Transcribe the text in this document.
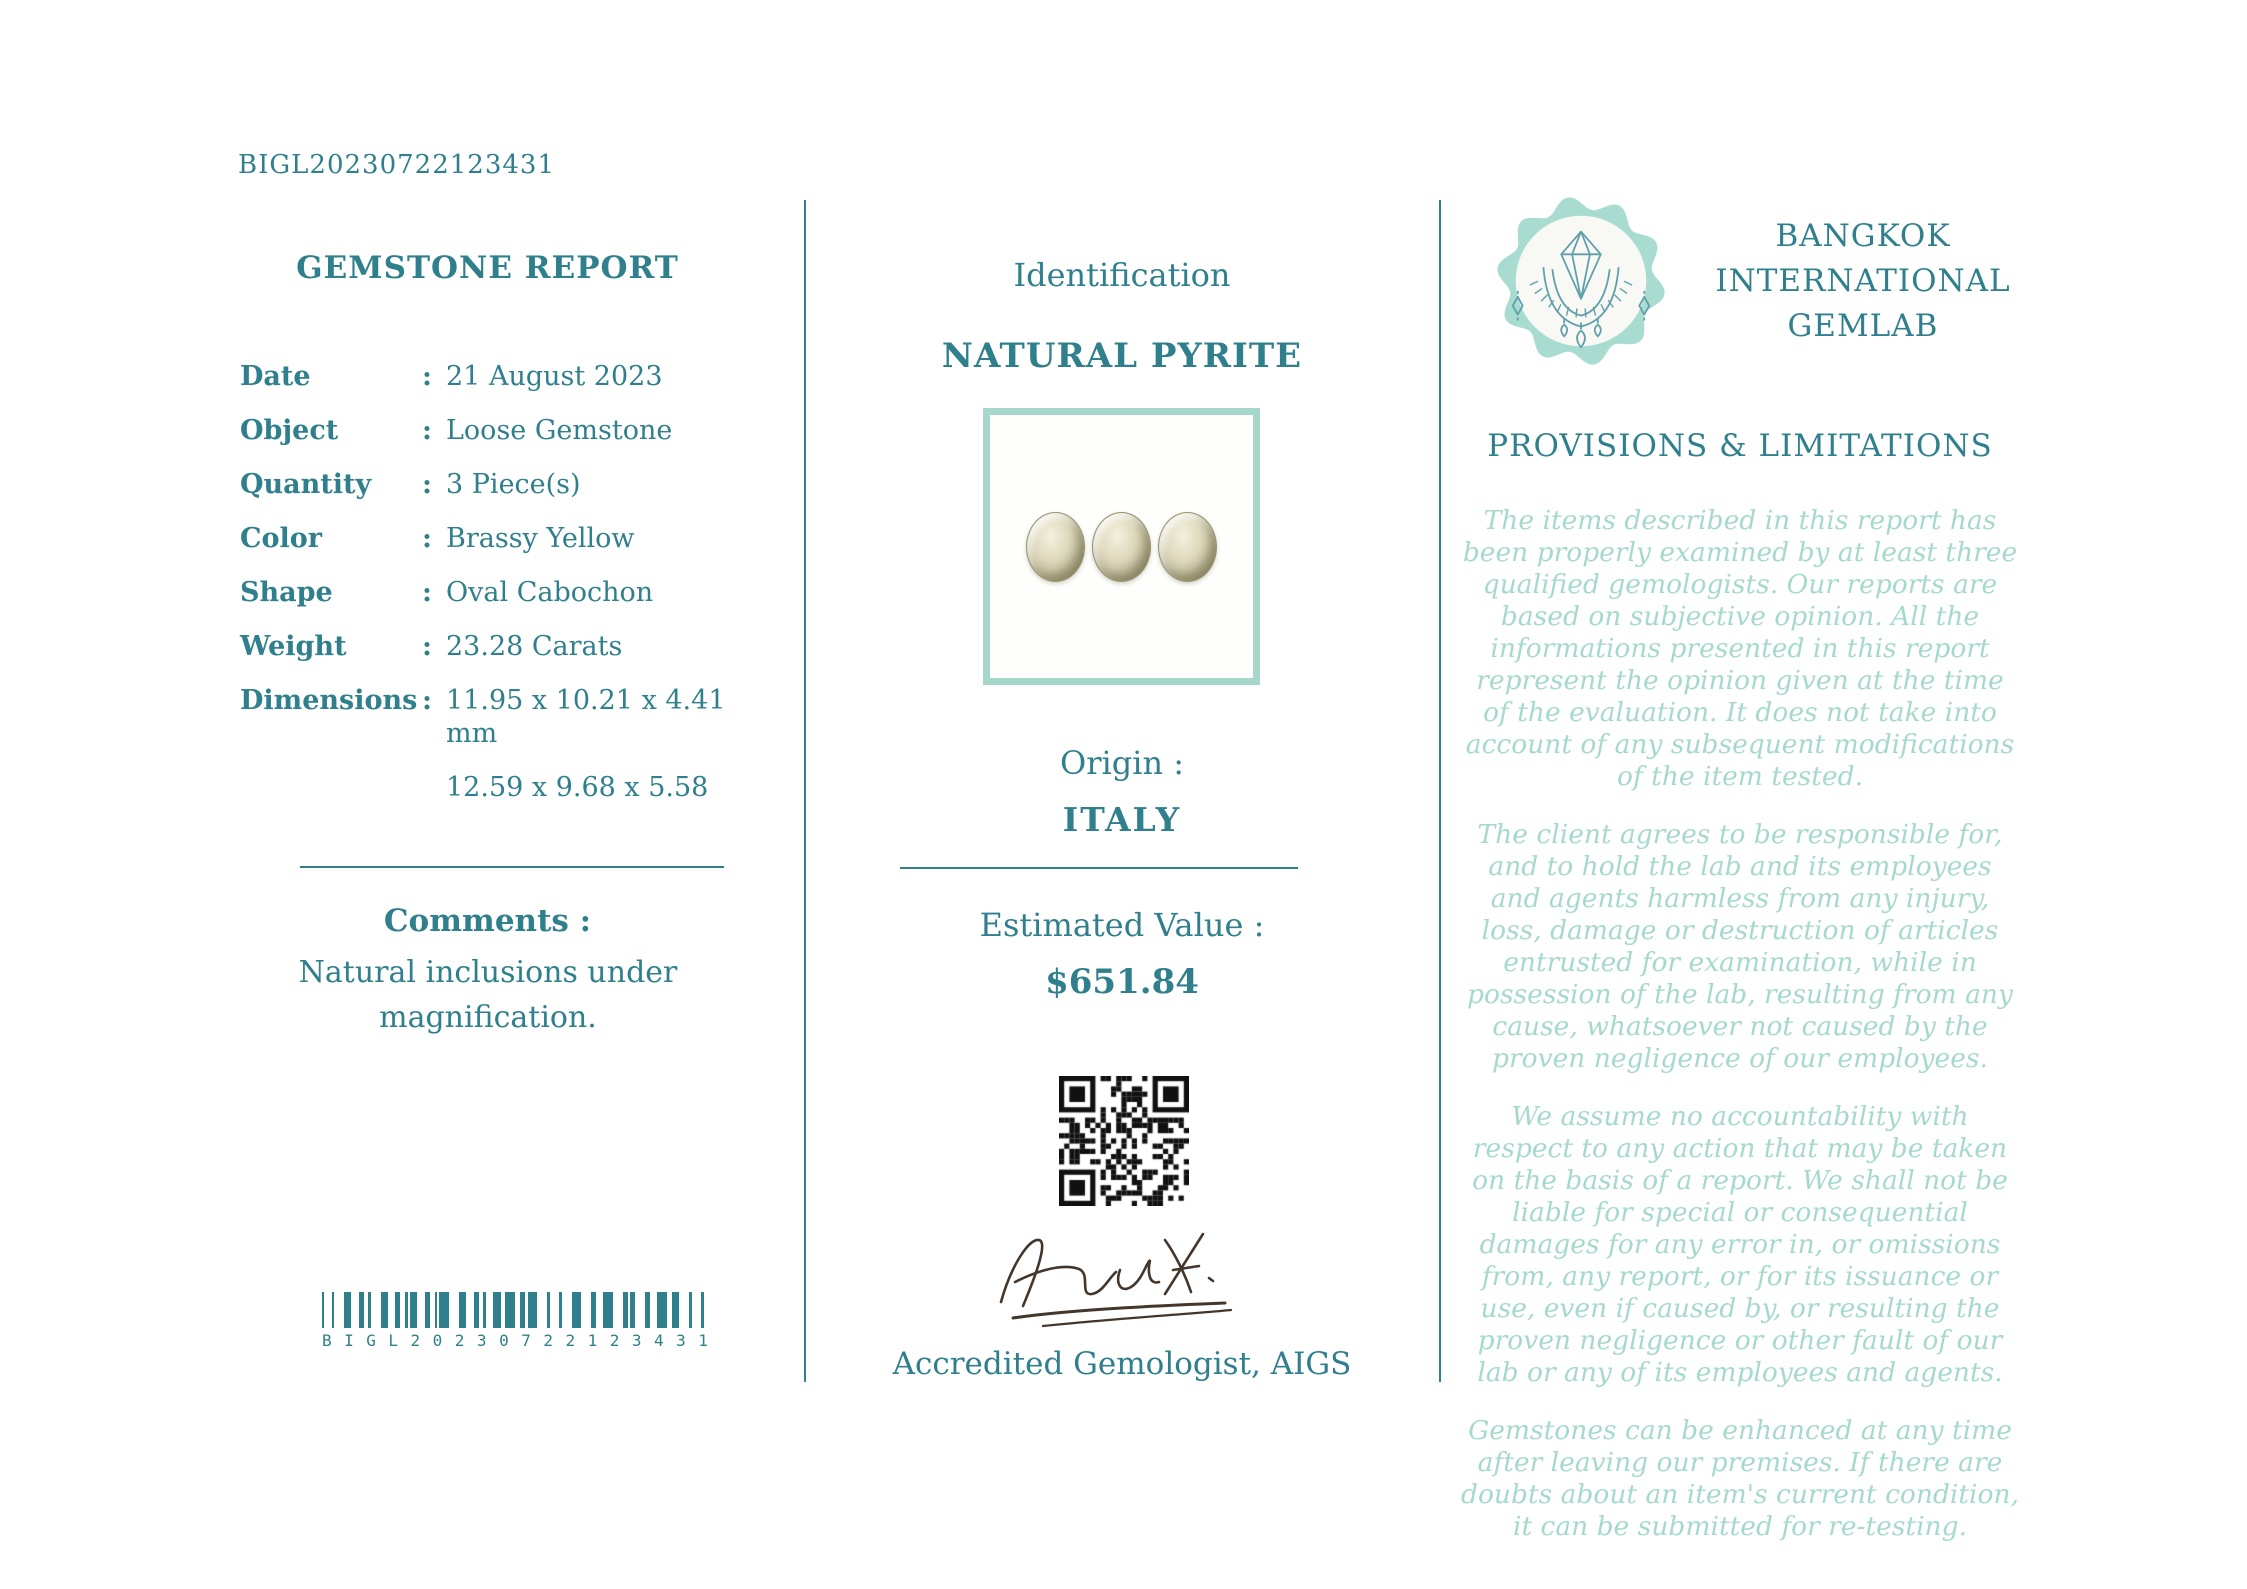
BIGL20230722123431
GEMSTONE REPORT
Date	: 21 August 2023
Object	: Loose Gemstone
Quantity	: 3 Piece(s)
Color	: Brassy Yellow
Shape	: Oval Cabochon
Weight	: 23.28 Carats
Dimensions : 11.95 x 10.21 x 4.41 mm
12.59 x 9.68 x 5.58
Comments :
Natural inclusions under magnification.
BIGL20230722123431
Identification
NATURAL PYRITE
Origin :
ITALY
Estimated Value :
$651.84
Accredited Gemologist, AIGS
BANGKOK
INTERNATIONAL
GEMLAB
PROVISIONS & LIMITATIONS

The items described in this report has been properly examined by at least three qualified gemologists. Our reports are based on subjective opinion. All the informations presented in this report represent the opinion given at the time of the evaluation. It does not take into account of any subsequent modifications of the item tested.

The client agrees to be responsible for, and to hold the lab and its employees and agents harmless from any injury, loss, damage or destruction of articles entrusted for examination, while in possession of the lab, resulting from any cause, whatsoever not caused by the proven negligence of our employees.

We assume no accountability with respect to any action that may be taken on the basis of a report. We shall not be liable for special or consequential damages for any error in, or omissions from, any report, or for its issuance or use, even if caused by, or resulting the proven negligence or other fault of our lab or any of its employees and agents.

Gemstones can be enhanced at any time after leaving our premises. If there are doubts about an item's current condition, it can be submitted for re-testing.
